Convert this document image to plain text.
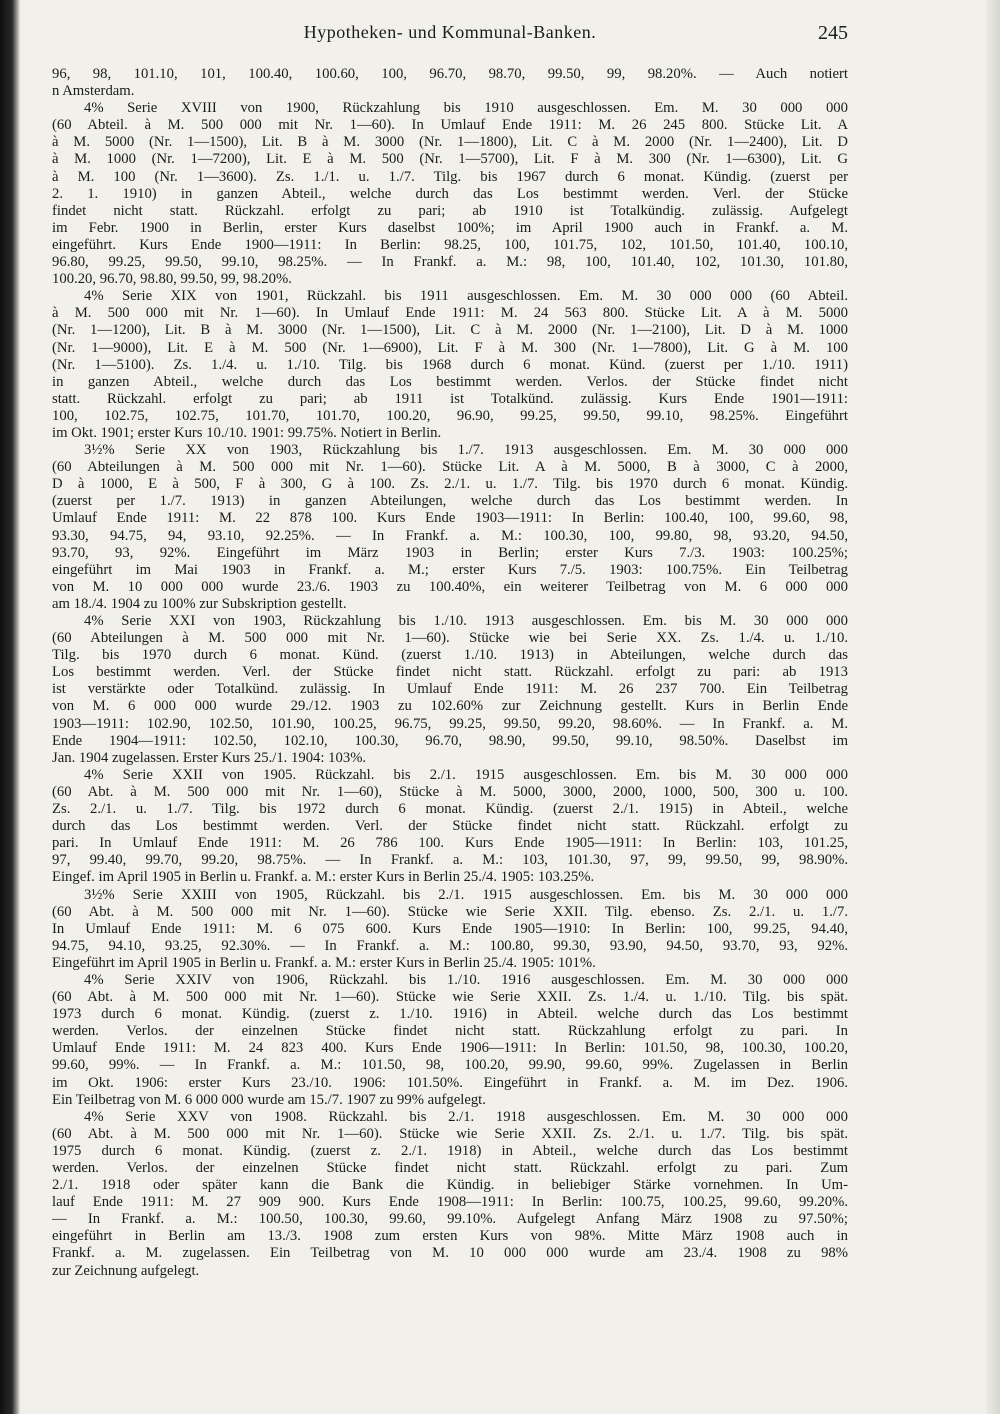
Hypotheken- und Kommunal-Banken.	245
96, 98, 101.10, 101, 100.40, 100.60, 100, 96.70, 98.70, 99.50, 99, 98.20%. — Auch notiert
n Amsterdam.
4% Serie XVIII von 1900, Rückzahlung bis 1910 ausgeschlossen. Em. M. 30 000 000
(60 Abteil. à M. 500 000 mit Nr. 1—60). In Umlauf Ende 1911: M. 26 245 800. Stücke Lit. A
à M. 5000 (Nr. 1—1500), Lit. B à M. 3000 (Nr. 1—1800), Lit. C à M. 2000 (Nr. 1—2400), Lit. D
à M. 1000 (Nr. 1—7200), Lit. E à M. 500 (Nr. 1—5700), Lit. F à M. 300 (Nr. 1—6300), Lit. G
à M. 100 (Nr. 1—3600). Zs. 1./1. u. 1./7. Tilg. bis 1967 durch 6 monat. Kündig. (zuerst per
2. 1. 1910) in ganzen Abteil., welche durch das Los bestimmt werden. Verl. der Stücke
findet nicht statt. Rückzahl. erfolgt zu pari; ab 1910 ist Totalkündig. zulässig. Aufgelegt
im Febr. 1900 in Berlin, erster Kurs daselbst 100%; im April 1900 auch in Frankf. a. M.
eingeführt. Kurs Ende 1900—1911: In Berlin: 98.25, 100, 101.75, 102, 101.50, 101.40, 100.10,
96.80, 99.25, 99.50, 99.10, 98.25%. — In Frankf. a. M.: 98, 100, 101.40, 102, 101.30, 101.80,
100.20, 96.70, 98.80, 99.50, 99, 98.20%.
4% Serie XIX von 1901, Rückzahl. bis 1911 ausgeschlossen. Em. M. 30 000 000 (60 Abteil.
à M. 500 000 mit Nr. 1—60). In Umlauf Ende 1911: M. 24 563 800. Stücke Lit. A à M. 5000
(Nr. 1—1200), Lit. B à M. 3000 (Nr. 1—1500), Lit. C à M. 2000 (Nr. 1—2100), Lit. D à M. 1000
(Nr. 1—9000), Lit. E à M. 500 (Nr. 1—6900), Lit. F à M. 300 (Nr. 1—7800), Lit. G à M. 100
(Nr. 1—5100). Zs. 1./4. u. 1./10. Tilg. bis 1968 durch 6 monat. Künd. (zuerst per 1./10. 1911)
in ganzen Abteil., welche durch das Los bestimmt werden. Verlos. der Stücke findet nicht
statt. Rückzahl. erfolgt zu pari; ab 1911 ist Totalkünd. zulässig. Kurs Ende 1901—1911:
100, 102.75, 102.75, 101.70, 101.70, 100.20, 96.90, 99.25, 99.50, 99.10, 98.25%. Eingeführt
im Okt. 1901; erster Kurs 10./10. 1901: 99.75%. Notiert in Berlin.
3½% Serie XX von 1903, Rückzahlung bis 1./7. 1913 ausgeschlossen. Em. M. 30 000 000
(60 Abteilungen à M. 500 000 mit Nr. 1—60). Stücke Lit. A à M. 5000, B à 3000, C à 2000,
D à 1000, E à 500, F à 300, G à 100. Zs. 2./1. u. 1./7. Tilg. bis 1970 durch 6 monat. Kündig.
(zuerst per 1./7. 1913) in ganzen Abteilungen, welche durch das Los bestimmt werden. In
Umlauf Ende 1911: M. 22 878 100. Kurs Ende 1903—1911: In Berlin: 100.40, 100, 99.60, 98,
93.30, 94.75, 94, 93.10, 92.25%. — In Frankf. a. M.: 100.30, 100, 99.80, 98, 93.20, 94.50,
93.70, 93, 92%. Eingeführt im März 1903 in Berlin; erster Kurs 7./3. 1903: 100.25%;
eingeführt im Mai 1903 in Frankf. a. M.; erster Kurs 7./5. 1903: 100.75%. Ein Teilbetrag
von M. 10 000 000 wurde 23./6. 1903 zu 100.40%, ein weiterer Teilbetrag von M. 6 000 000
am 18./4. 1904 zu 100% zur Subskription gestellt.
4% Serie XXI von 1903, Rückzahlung bis 1./10. 1913 ausgeschlossen. Em. bis M. 30 000 000
(60 Abteilungen à M. 500 000 mit Nr. 1—60). Stücke wie bei Serie XX. Zs. 1./4. u. 1./10.
Tilg. bis 1970 durch 6 monat. Künd. (zuerst 1./10. 1913) in Abteilungen, welche durch das
Los bestimmt werden. Verl. der Stücke findet nicht statt. Rückzahl. erfolgt zu pari: ab 1913
ist verstärkte oder Totalkünd. zulässig. In Umlauf Ende 1911: M. 26 237 700. Ein Teilbetrag
von M. 6 000 000 wurde 29./12. 1903 zu 102.60% zur Zeichnung gestellt. Kurs in Berlin Ende
1903—1911: 102.90, 102.50, 101.90, 100.25, 96.75, 99.25, 99.50, 99.20, 98.60%. — In Frankf. a. M.
Ende 1904—1911: 102.50, 102.10, 100.30, 96.70, 98.90, 99.50, 99.10, 98.50%. Daselbst im
Jan. 1904 zugelassen. Erster Kurs 25./1. 1904: 103%.
4% Serie XXII von 1905. Rückzahl. bis 2./1. 1915 ausgeschlossen. Em. bis M. 30 000 000
(60 Abt. à M. 500 000 mit Nr. 1—60), Stücke à M. 5000, 3000, 2000, 1000, 500, 300 u. 100.
Zs. 2./1. u. 1./7. Tilg. bis 1972 durch 6 monat. Kündig. (zuerst 2./1. 1915) in Abteil., welche
durch das Los bestimmt werden. Verl. der Stücke findet nicht statt. Rückzahl. erfolgt zu
pari. In Umlauf Ende 1911: M. 26 786 100. Kurs Ende 1905—1911: In Berlin: 103, 101.25,
97, 99.40, 99.70, 99.20, 98.75%. — In Frankf. a. M.: 103, 101.30, 97, 99, 99.50, 99, 98.90%.
Eingef. im April 1905 in Berlin u. Frankf. a. M.: erster Kurs in Berlin 25./4. 1905: 103.25%.
3½% Serie XXIII von 1905, Rückzahl. bis 2./1. 1915 ausgeschlossen. Em. bis M. 30 000 000
(60 Abt. à M. 500 000 mit Nr. 1—60). Stücke wie Serie XXII. Tilg. ebenso. Zs. 2./1. u. 1./7.
In Umlauf Ende 1911: M. 6 075 600. Kurs Ende 1905—1910: In Berlin: 100, 99.25, 94.40,
94.75, 94.10, 93.25, 92.30%. — In Frankf. a. M.: 100.80, 99.30, 93.90, 94.50, 93.70, 93, 92%.
Eingeführt im April 1905 in Berlin u. Frankf. a. M.: erster Kurs in Berlin 25./4. 1905: 101%.
4% Serie XXIV von 1906, Rückzahl. bis 1./10. 1916 ausgeschlossen. Em. M. 30 000 000
(60 Abt. à M. 500 000 mit Nr. 1—60). Stücke wie Serie XXII. Zs. 1./4. u. 1./10. Tilg. bis spät.
1973 durch 6 monat. Kündig. (zuerst z. 1./10. 1916) in Abteil. welche durch das Los bestimmt
werden. Verlos. der einzelnen Stücke findet nicht statt. Rückzahlung erfolgt zu pari. In
Umlauf Ende 1911: M. 24 823 400. Kurs Ende 1906—1911: In Berlin: 101.50, 98, 100.30, 100.20,
99.60, 99%. — In Frankf. a. M.: 101.50, 98, 100.20, 99.90, 99.60, 99%. Zugelassen in Berlin
im Okt. 1906: erster Kurs 23./10. 1906: 101.50%. Eingeführt in Frankf. a. M. im Dez. 1906.
Ein Teilbetrag von M. 6 000 000 wurde am 15./7. 1907 zu 99% aufgelegt.
4% Serie XXV von 1908. Rückzahl. bis 2./1. 1918 ausgeschlossen. Em. M. 30 000 000
(60 Abt. à M. 500 000 mit Nr. 1—60). Stücke wie Serie XXII. Zs. 2./1. u. 1./7. Tilg. bis spät.
1975 durch 6 monat. Kündig. (zuerst z. 2./1. 1918) in Abteil., welche durch das Los bestimmt
werden. Verlos. der einzelnen Stücke findet nicht statt. Rückzahl. erfolgt zu pari. Zum
2./1. 1918 oder später kann die Bank die Kündig. in beliebiger Stärke vornehmen. In Um-
lauf Ende 1911: M. 27 909 900. Kurs Ende 1908—1911: In Berlin: 100.75, 100.25, 99.60, 99.20%.
— In Frankf. a. M.: 100.50, 100.30, 99.60, 99.10%. Aufgelegt Anfang März 1908 zu 97.50%;
eingeführt in Berlin am 13./3. 1908 zum ersten Kurs von 98%. Mitte März 1908 auch in
Frankf. a. M. zugelassen. Ein Teilbetrag von M. 10 000 000 wurde am 23./4. 1908 zu 98%
zur Zeichnung aufgelegt.
